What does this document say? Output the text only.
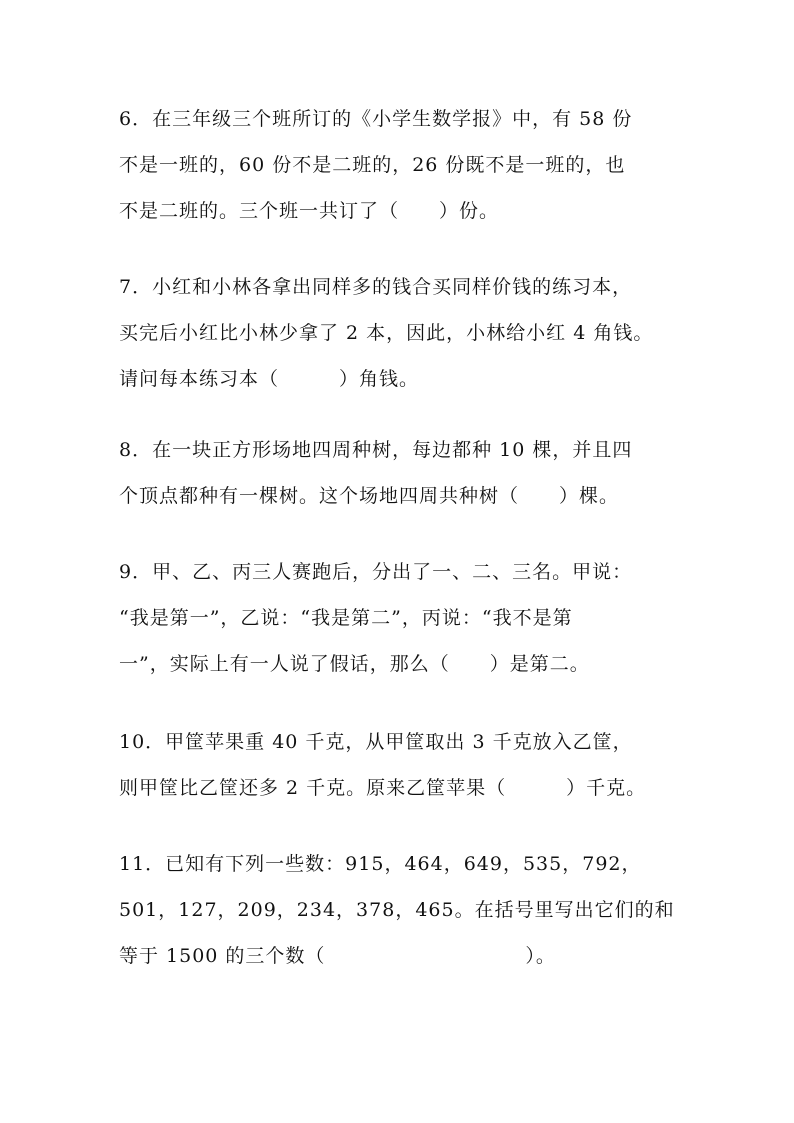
6．在三年级三个班所订的《小学生数学报》中，有 58 份
不是一班的，60 份不是二班的，26 份既不是一班的，也
不是二班的。三个班一共订了（　　）份。
7．小红和小林各拿出同样多的钱合买同样价钱的练习本，
买完后小红比小林少拿了 2 本，因此，小林给小红 4 角钱。
请问每本练习本（　　　）角钱。
8．在一块正方形场地四周种树，每边都种 10 棵，并且四
个顶点都种有一棵树。这个场地四周共种树（　　）棵。
9．甲、乙、丙三人赛跑后，分出了一、二、三名。甲说：
“我是第一”，乙说：“我是第二”，丙说：“我不是第
一”，实际上有一人说了假话，那么（　　）是第二。
10．甲筐苹果重 40 千克，从甲筐取出 3 千克放入乙筐，
则甲筐比乙筐还多 2 千克。原来乙筐苹果（　　　）千克。
11．已知有下列一些数：915，464，649，535，792，
501，127，209，234，378，465。在括号里写出它们的和
等于 1500 的三个数（　　　　　　　　　　）。
